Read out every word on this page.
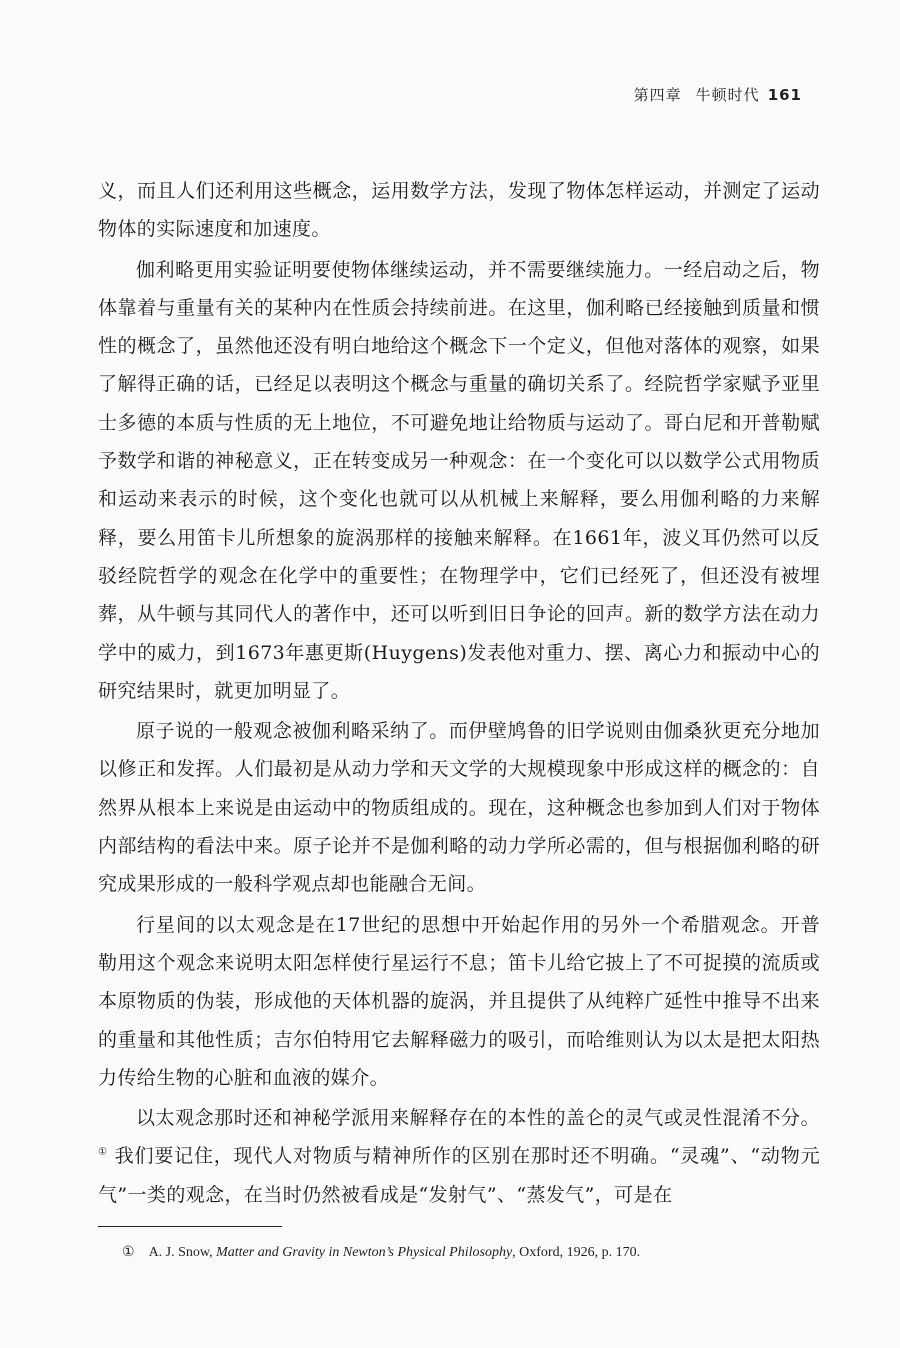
第四章 牛顿时代 161

义，而且人们还利用这些概念，运用数学方法，发现了物体怎样运动，并测定了运动物体的实际速度和加速度。

伽利略更用实验证明要使物体继续运动，并不需要继续施力。一经启动之后，物体靠着与重量有关的某种内在性质会持续前进。在这里，伽利略已经接触到质量和惯性的概念了，虽然他还没有明白地给这个概念下一个定义，但他对落体的观察，如果了解得正确的话，已经足以表明这个概念与重量的确切关系了。经院哲学家赋予亚里士多德的本质与性质的无上地位，不可避免地让给物质与运动了。哥白尼和开普勒赋予数学和谐的神秘意义，正在转变成另一种观念：在一个变化可以以数学公式用物质和运动来表示的时候，这个变化也就可以从机械上来解释，要么用伽利略的力来解释，要么用笛卡儿所想象的旋涡那样的接触来解释。在1661年，波义耳仍然可以反驳经院哲学的观念在化学中的重要性；在物理学中，它们已经死了，但还没有被埋葬，从牛顿与其同代人的著作中，还可以听到旧日争论的回声。新的数学方法在动力学中的威力，到1673年惠更斯(Huygens)发表他对重力、摆、离心力和振动中心的研究结果时，就更加明显了。

原子说的一般观念被伽利略采纳了。而伊壁鸠鲁的旧学说则由伽桑狄更充分地加以修正和发挥。人们最初是从动力学和天文学的大规模现象中形成这样的概念的：自然界从根本上来说是由运动中的物质组成的。现在，这种概念也参加到人们对于物体内部结构的看法中来。原子论并不是伽利略的动力学所必需的，但与根据伽利略的研究成果形成的一般科学观点却也能融合无间。

行星间的以太观念是在17世纪的思想中开始起作用的另外一个希腊观念。开普勒用这个观念来说明太阳怎样使行星运行不息；笛卡儿给它披上了不可捉摸的流质或本原物质的伪装，形成他的天体机器的旋涡，并且提供了从纯粹广延性中推导不出来的重量和其他性质；吉尔伯特用它去解释磁力的吸引，而哈维则认为以太是把太阳热力传给生物的心脏和血液的媒介。

以太观念那时还和神秘学派用来解释存在的本性的盖仑的灵气或灵性混淆不分。① 我们要记住，现代人对物质与精神所作的区别在那时还不明确。“灵魂”、“动物元气”一类的观念，在当时仍然被看成是“发射气”、“蒸发气”，可是在

① A. J. Snow, Matter and Gravity in Newton’s Physical Philosophy, Oxford, 1926, p. 170.
